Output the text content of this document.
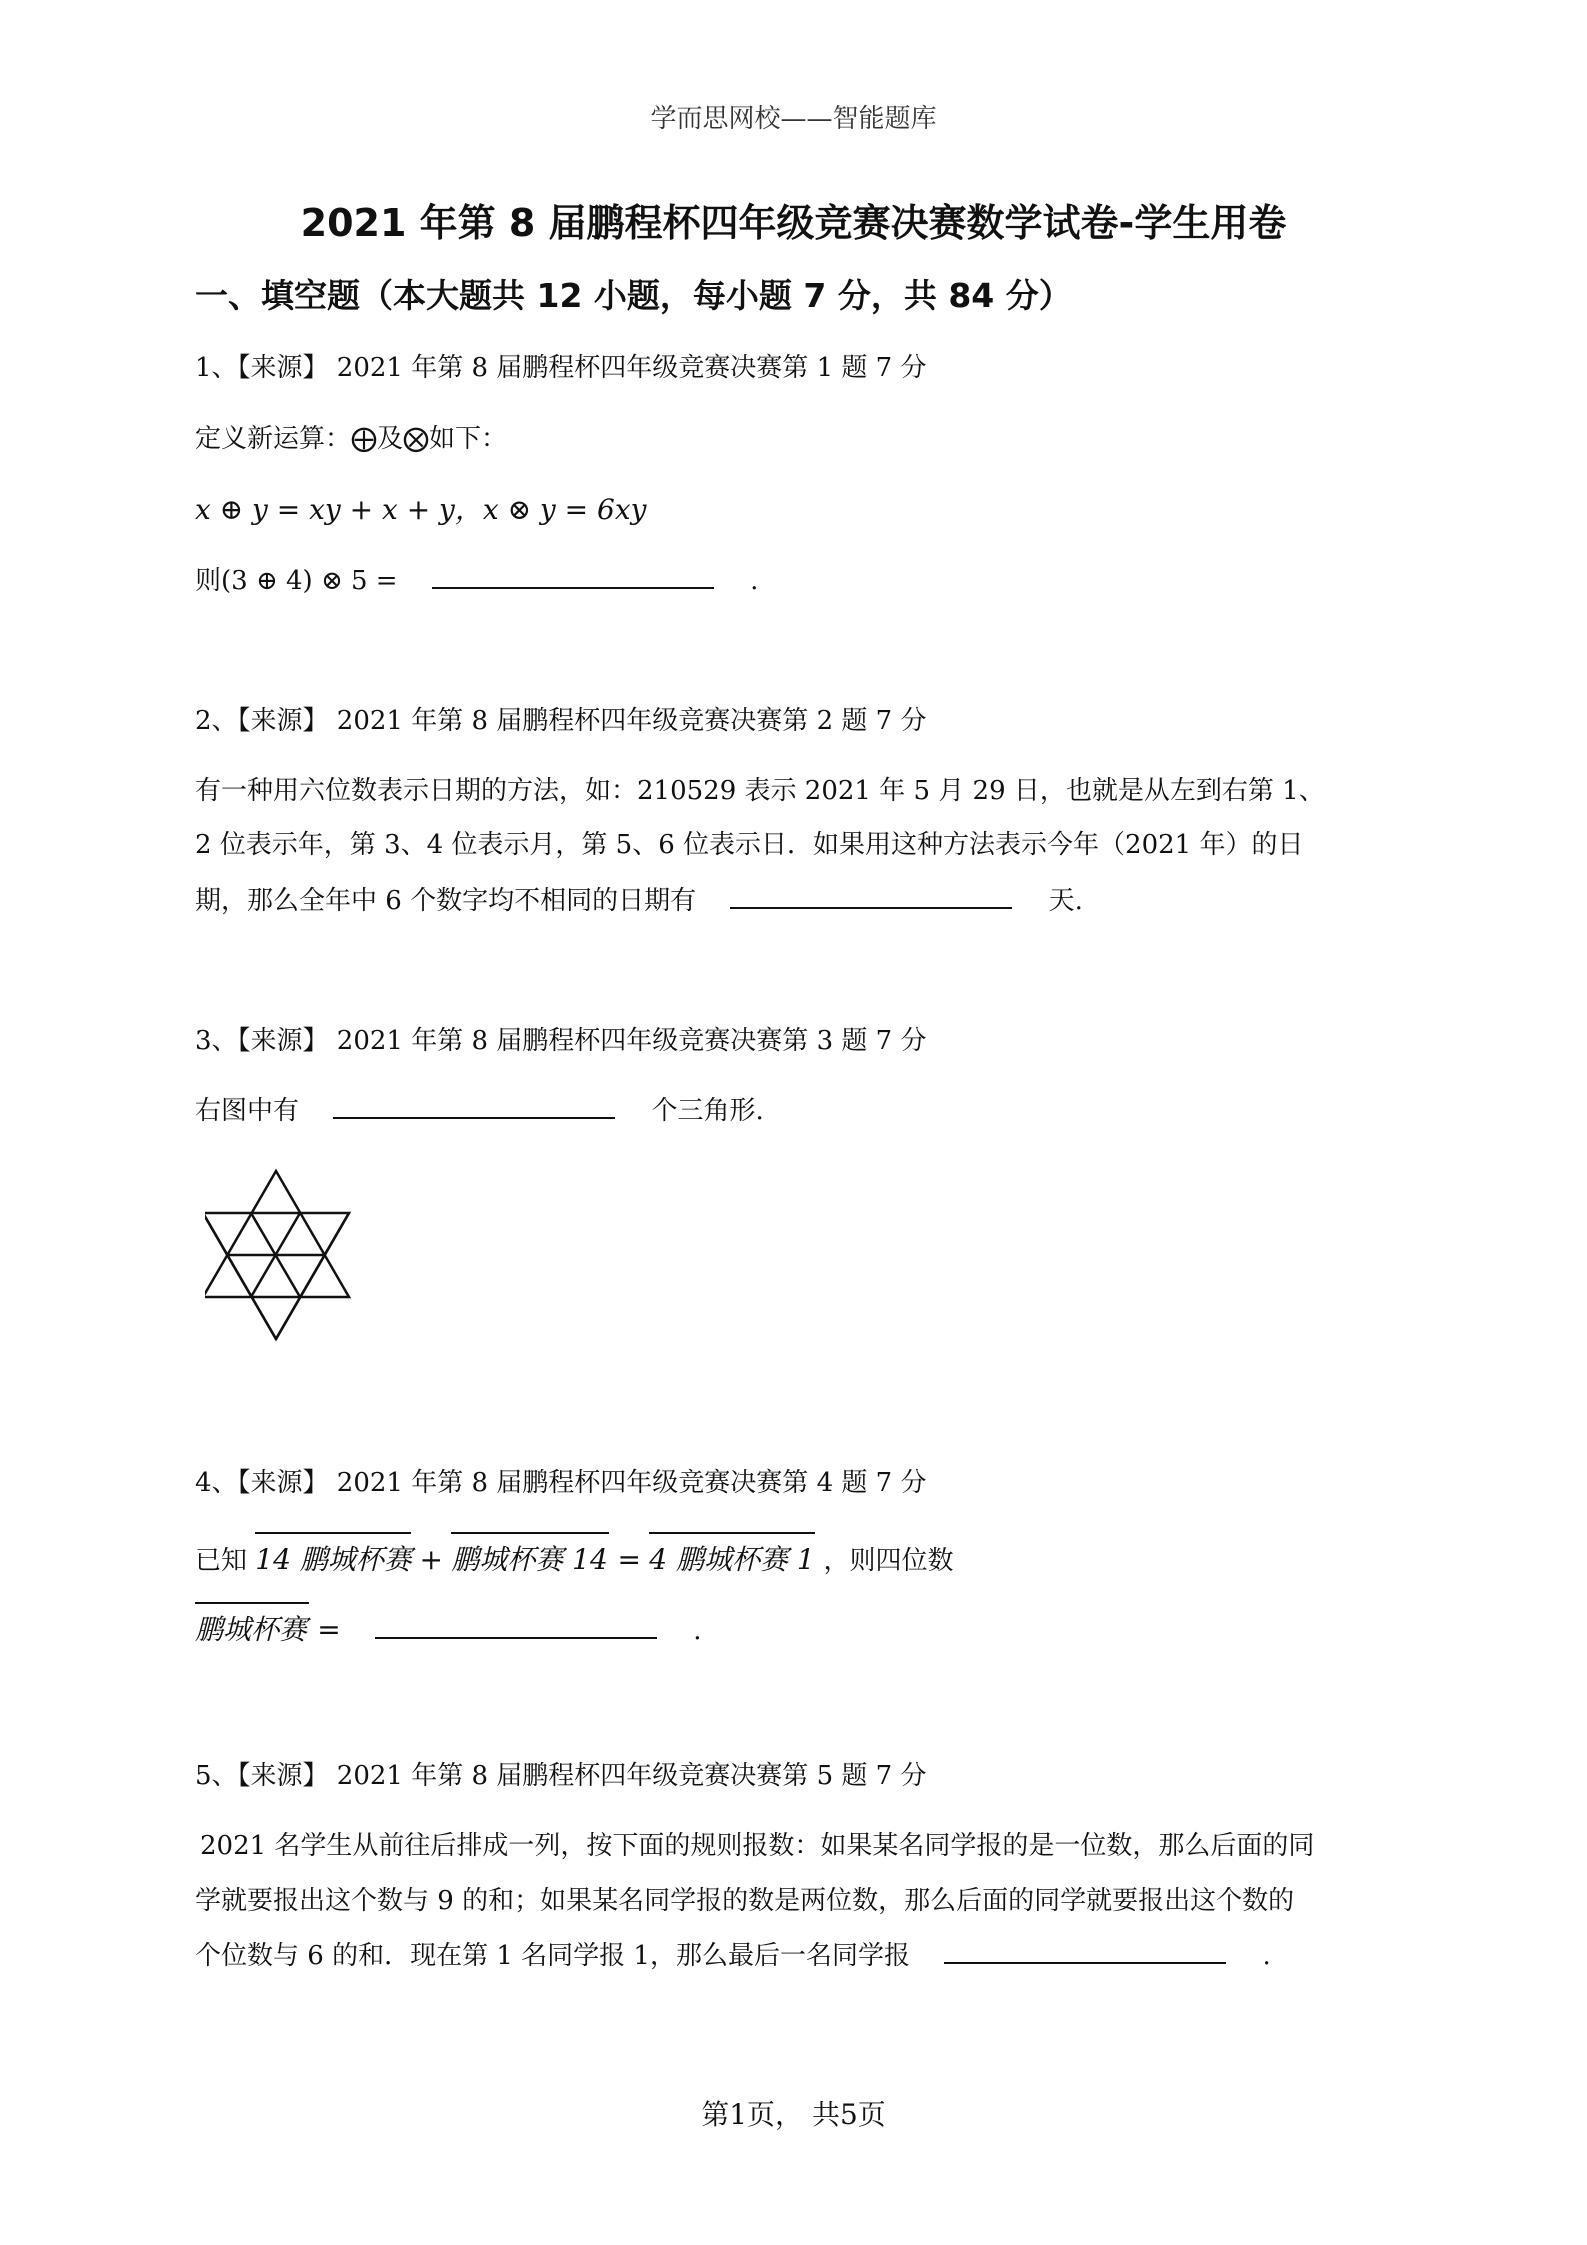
学而思网校——智能题库
2021 年第 8 届鹏程杯四年级竞赛决赛数学试卷-学生用卷
一、填空题（本大题共 12 小题，每小题 7 分，共 84 分）
1、【来源】 2021 年第 8 届鹏程杯四年级竞赛决赛第 1 题 7 分
定义新运算：⨁及⨂如下：
𝑥 ⊕ 𝑦 = 𝑥𝑦 + 𝑥 + 𝑦，𝑥 ⊗ 𝑦 = 6𝑥𝑦
则(3 ⊕ 4) ⊗ 5 =	.
2、【来源】 2021 年第 8 届鹏程杯四年级竞赛决赛第 2 题 7 分
有一种用六位数表示日期的方法，如：210529 表示 2021 年 5 月 29 日，也就是从左到右第 1、
2 位表示年，第 3、4 位表示月，第 5、6 位表示日．如果用这种方法表示今年（2021 年）的日
期，那么全年中 6 个数字均不相同的日期有	天.
3、【来源】 2021 年第 8 届鹏程杯四年级竞赛决赛第 3 题 7 分
右图中有	个三角形.
4、【来源】 2021 年第 8 届鹏程杯四年级竞赛决赛第 4 题 7 分
已知 14 鹏城杯赛 + 鹏城杯赛 14 = 4 鹏城杯赛 1 ，则四位数
鹏城杯赛 =	.
5、【来源】 2021 年第 8 届鹏程杯四年级竞赛决赛第 5 题 7 分
2021 名学生从前往后排成一列，按下面的规则报数：如果某名同学报的是一位数，那么后面的同
学就要报出这个数与 9 的和；如果某名同学报的数是两位数，那么后面的同学就要报出这个数的
个位数与 6 的和．现在第 1 名同学报 1，那么最后一名同学报	.
第1页， 共5页
